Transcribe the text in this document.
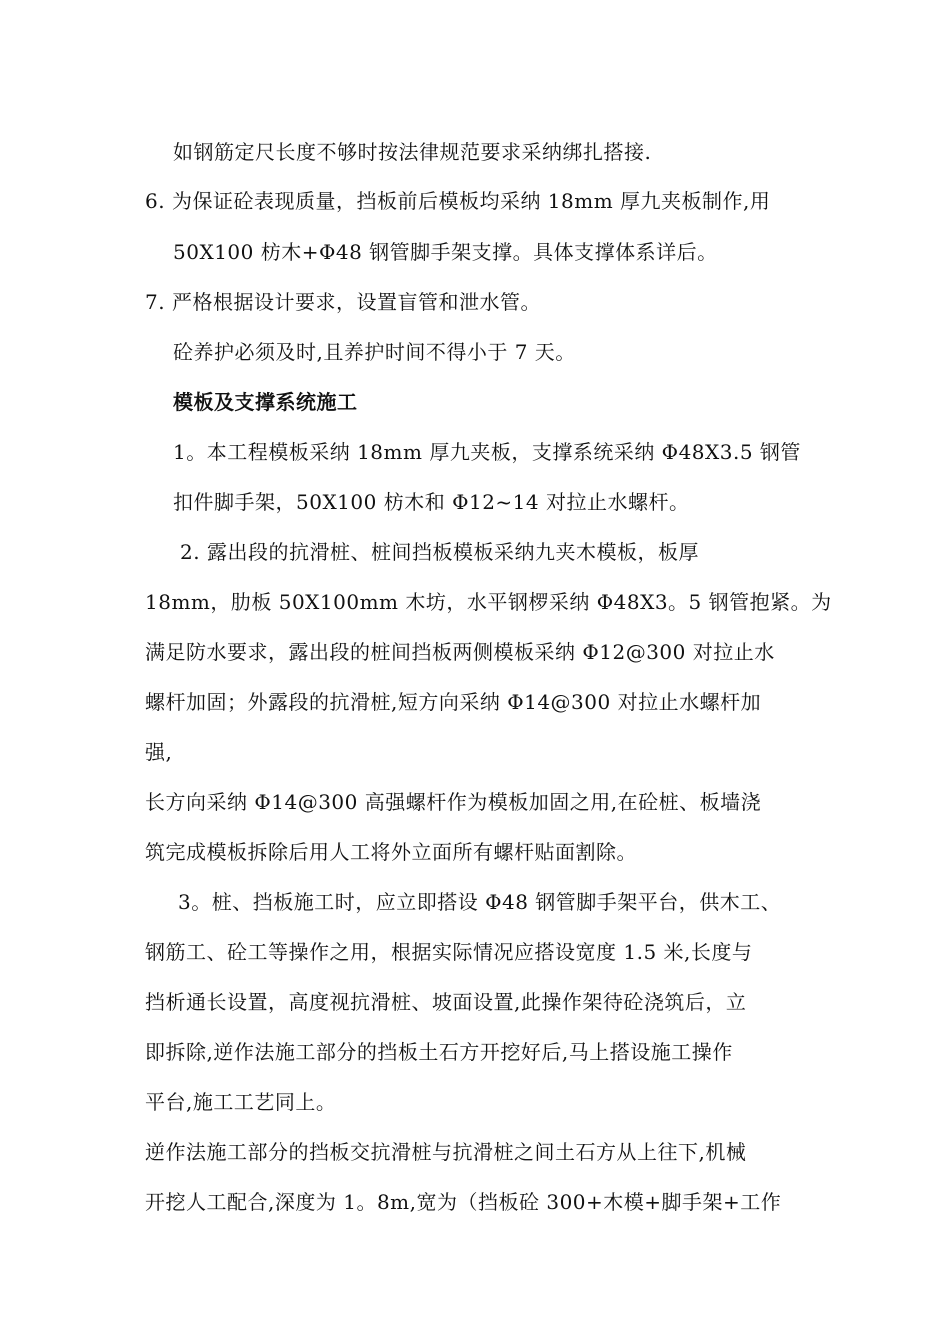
如钢筋定尺长度不够时按法律规范要求采纳绑扎搭接.
6. 为保证砼表现质量，挡板前后模板均采纳 18mm 厚九夹板制作,用
50X100 枋木+Φ48 钢管脚手架支撑。具体支撑体系详后。
7. 严格根据设计要求，设置盲管和泄水管。
砼养护必须及时,且养护时间不得小于 7 天。
模板及支撑系统施工
1。本工程模板采纳 18mm 厚九夹板，支撑系统采纳 Φ48X3.5 钢管
扣件脚手架，50X100 枋木和 Φ12~14 对拉止水螺杆。
2. 露出段的抗滑桩、桩间挡板模板采纳九夹木模板，板厚
18mm，肋板 50X100mm 木坊，水平钢椤采纳 Φ48X3。5 钢管抱紧。为
满足防水要求，露出段的桩间挡板两侧模板采纳 Φ12@300 对拉止水
螺杆加固；外露段的抗滑桩,短方向采纳 Φ14@300 对拉止水螺杆加
强,
长方向采纳 Φ14@300 高强螺杆作为模板加固之用,在砼桩、板墙浇
筑完成模板拆除后用人工将外立面所有螺杆贴面割除。
3。桩、挡板施工时，应立即搭设 Φ48 钢管脚手架平台，供木工、
钢筋工、砼工等操作之用，根据实际情况应搭设宽度 1.5 米,长度与
挡析通长设置，高度视抗滑桩、坡面设置,此操作架待砼浇筑后，立
即拆除,逆作法施工部分的挡板土石方开挖好后,马上搭设施工操作
平台,施工工艺同上。
逆作法施工部分的挡板交抗滑桩与抗滑桩之间土石方从上往下,机械
开挖人工配合,深度为 1。8m,宽为（挡板砼 300+木模+脚手架+工作
